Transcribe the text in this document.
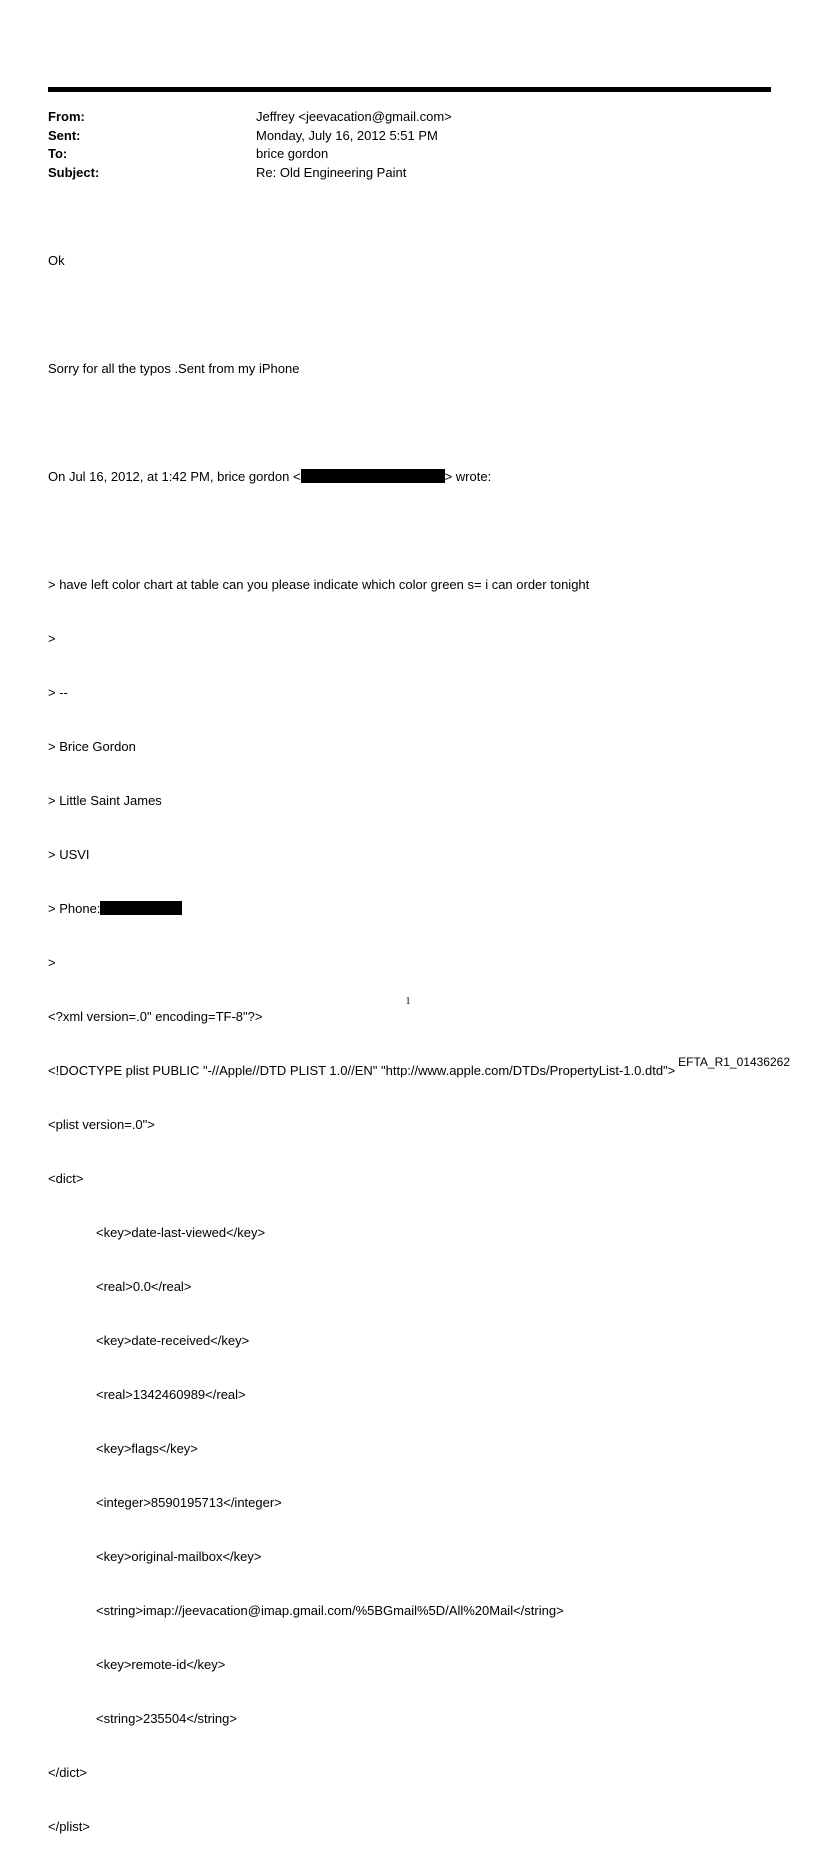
From:	Jeffrey <jeevacation@gmail.com>
Sent:	Monday, July 16, 2012 5:51 PM
To:	brice gordon
Subject:	Re: Old Engineering Paint

Ok

Sorry for all the typos .Sent from my iPhone

On Jul 16, 2012, at 1:42 PM, brice gordon <	> wrote:

> have left color chart at table can you please indicate which color green s= i can order tonight

>

> --

> Brice Gordon

> Little Saint James

> USVI

> Phone:

>

<?xml version=.0" encoding=TF-8"?>

<!DOCTYPE plist PUBLIC "-//Apple//DTD PLIST 1.0//EN" "http://www.apple.com/DTDs/PropertyList-1.0.dtd">

<plist version=.0">

<dict>

<key>date-last-viewed</key>

<real>0.0</real>

<key>date-received</key>

<real>1342460989</real>

<key>flags</key>

<integer>8590195713</integer>

<key>original-mailbox</key>

<string>imap://jeevacation@imap.gmail.com/%5BGmail%5D/All%20Mail</string>

<key>remote-id</key>

<string>235504</string>

</dict>

</plist>

1
EFTA_R1_01436262
